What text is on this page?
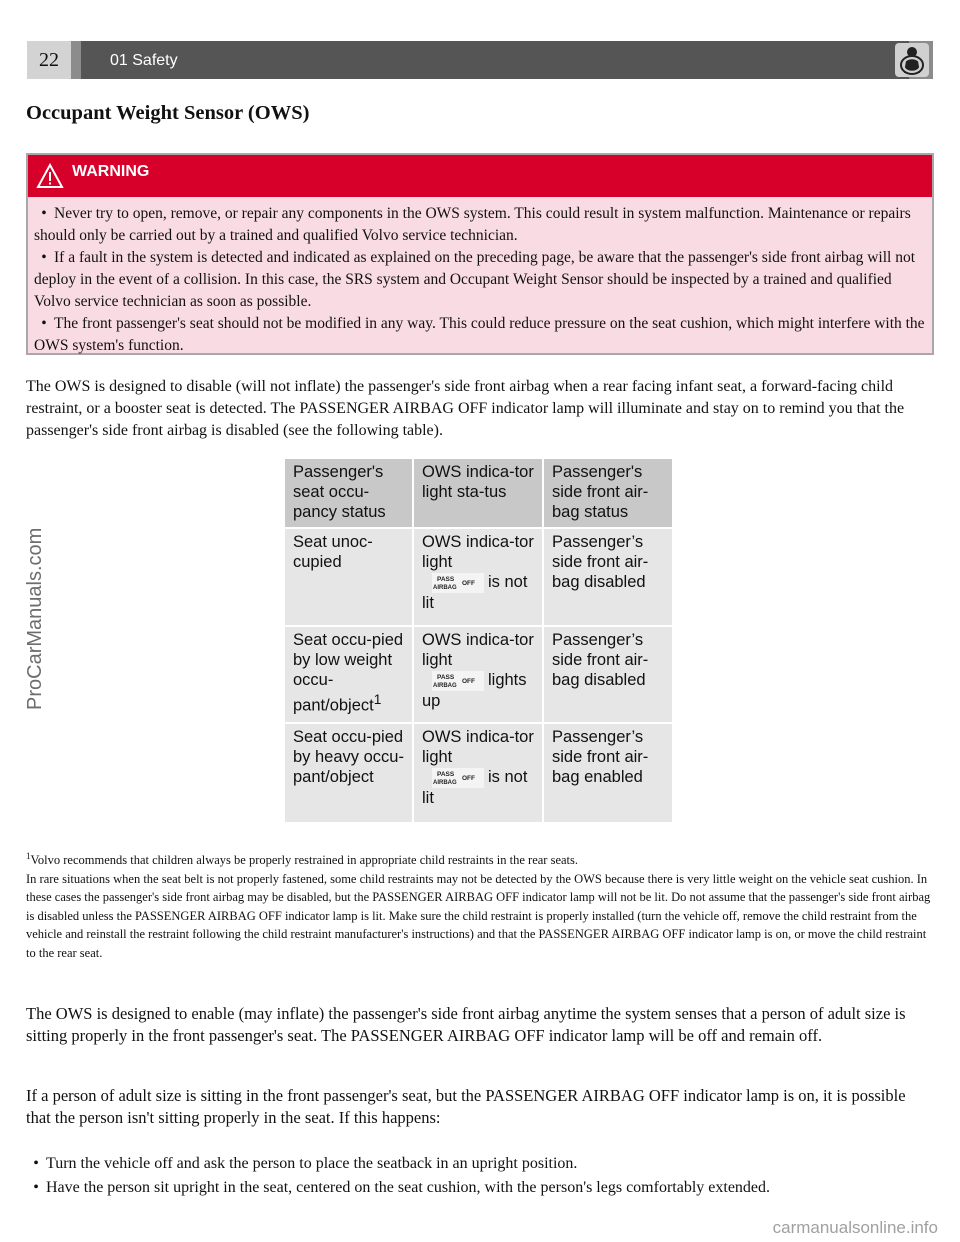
22	01 Safety
Occupant Weight Sensor (OWS)
WARNING
• Never try to open, remove, or repair any components in the OWS system. This could result in system malfunction. Maintenance or repairs should only be carried out by a trained and qualified Volvo service technician.
• If a fault in the system is detected and indicated as explained on the preceding page, be aware that the passenger's side front airbag will not deploy in the event of a collision. In this case, the SRS system and Occupant Weight Sensor should be inspected by a trained and qualified Volvo service technician as soon as possible.
• The front passenger's seat should not be modified in any way. This could reduce pressure on the seat cushion, which might interfere with the OWS system's function.

The OWS is designed to disable (will not inflate) the passenger's side front airbag when a rear facing infant seat, a forward-facing child restraint, or a booster seat is detected. The PASSENGER AIRBAG OFF indicator lamp will illuminate and stay on to remind you that the passenger's side front airbag is disabled (see the following table).

Passenger's seat occu-pancy status
OWS indica-tor light sta-tus
Passenger's side front air-bag status
Seat unoc-cupied
OWS indica-tor light

PASS
AIRBAG
OFF is not lit
Passenger’s side front air-bag disabled
Seat occu-pied by low weight occu-pant/object$^1$
OWS indica-tor light

PASS
AIRBAG
OFF lights up
Passenger’s side front air-bag disabled
Seat occu-pied by heavy occu-pant/object
OWS indica-tor light

PASS
AIRBAG
OFF is not lit
Passenger’s side front air-bag enabled

$^1$Volvo recommends that children always be properly restrained in appropriate child restraints in the rear seats.
In rare situations when the seat belt is not properly fastened, some child restraints may not be detected by the OWS because there is very little weight on the vehicle seat cushion. In these cases the passenger's side front airbag may be disabled, but the PASSENGER AIRBAG OFF indicator lamp will not be lit. Do not assume that the passenger's side front airbag is disabled unless the PASSENGER AIRBAG OFF indicator lamp is lit. Make sure the child restraint is properly installed (turn the vehicle off, remove the child restraint from the vehicle and reinstall the restraint following the child restraint manufacturer's instructions) and that the PASSENGER AIRBAG OFF indicator lamp is on, or move the child restraint to the rear seat.

The OWS is designed to enable (may inflate) the passenger's side front airbag anytime the system senses that a person of adult size is sitting properly in the front passenger's seat. The PASSENGER AIRBAG OFF indicator lamp will be off and remain off.

If a person of adult size is sitting in the front passenger's seat, but the PASSENGER AIRBAG OFF indicator lamp is on, it is possible that the person isn't sitting properly in the seat. If this happens:

• Turn the vehicle off and ask the person to place the seatback in an upright position.
• Have the person sit upright in the seat, centered on the seat cushion, with the person's legs comfortably extended.
ProCarManuals.com
carmanualsonline.info
